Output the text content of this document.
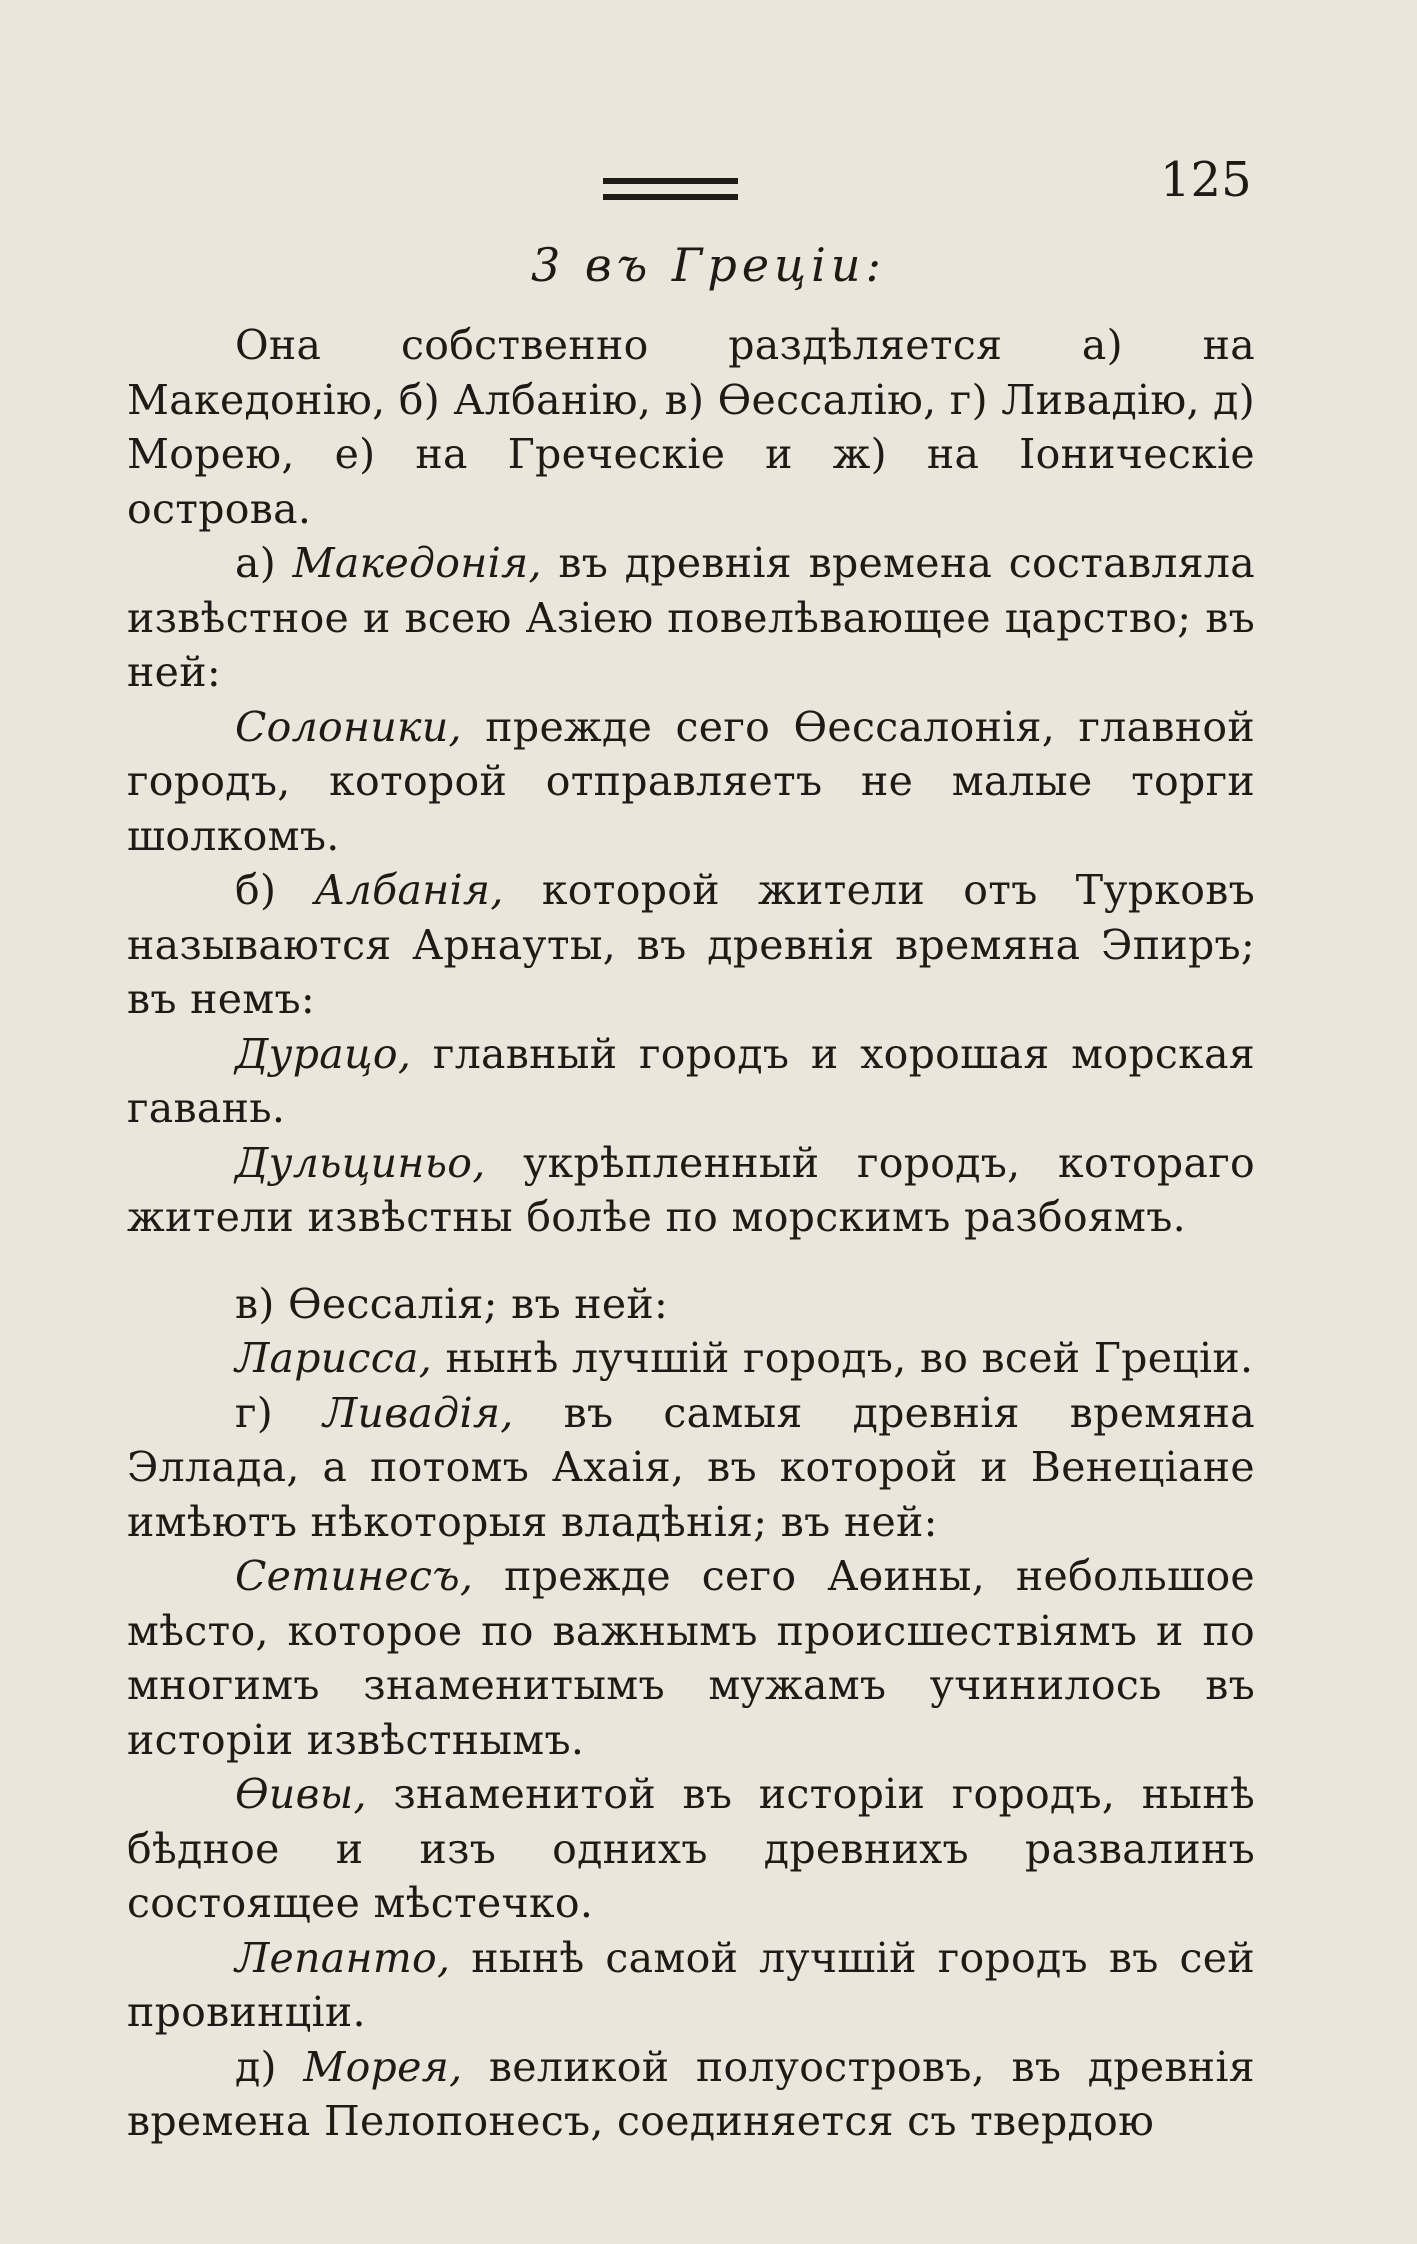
125
3 въ Греціи:

Она собственно раздѣляется а) на Македонію, б) Албанію, в) Өессалію, г) Ливадію, д) Морею, е) на Греческіе и ж) на Іоническіе острова.

а) Македонія, въ древнія времена составляла извѣстное и всею Азіею повелѣвающее царство; въ ней:

Солоники, прежде сего Өессалонія, главной городъ, которой отправляетъ не малые торги шолкомъ.

б) Албанія, которой жители отъ Турковъ называются Арнауты, въ древнія времяна Эпиръ; въ немъ:

Дурацо, главный городъ и хорошая морская гавань.

Дульциньо, укрѣпленный городъ, котораго жители извѣстны болѣе по морскимъ разбоямъ.

в) Өессалія; въ ней:

Ларисса, нынѣ лучшій городъ, во всей Греціи.

г) Ливадія, въ самыя древнія времяна Эллада, а потомъ Ахаія, въ которой и Венеціане имѣютъ нѣкоторыя владѣнія; въ ней:

Сетинесъ, прежде сего Аөины, небольшое мѣсто, которое по важнымъ происшествіямъ и по многимъ знаменитымъ мужамъ учинилось въ исторіи извѣстнымъ.

Өивы, знаменитой въ исторіи городъ, нынѣ бѣдное и изъ однихъ древнихъ развалинъ состоящее мѣстечко.

Лепанто, нынѣ самой лучшій городъ въ сей провинціи.

д) Морея, великой полуостровъ, въ древнія времена Пелопонесъ, соединяется съ твердою
